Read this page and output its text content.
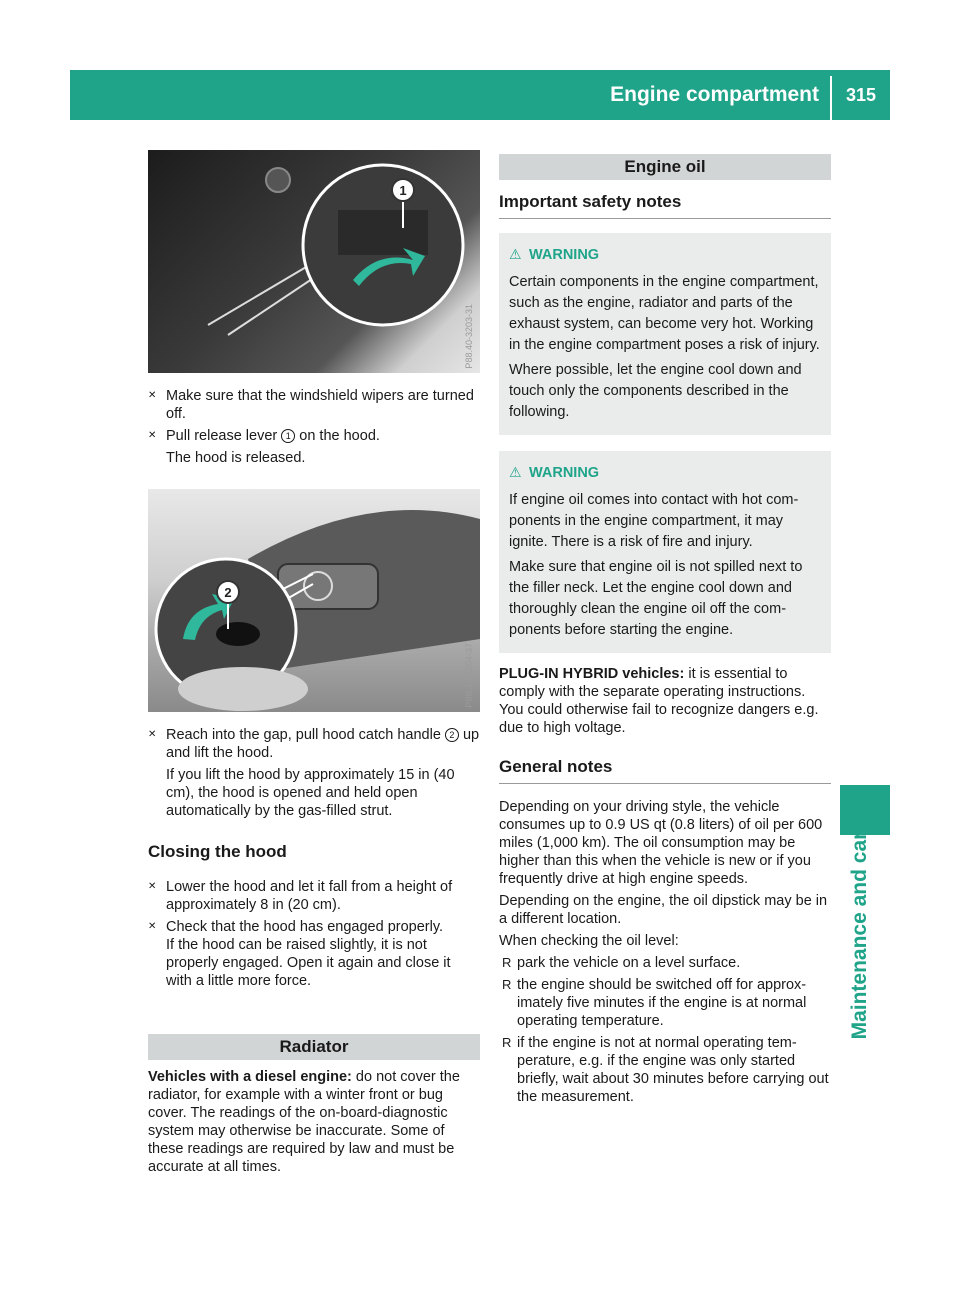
Engine compartment	315
Maintenance and care
1
P88.40-3203-31
✕ Make sure that the windshield wipers are turned off.
✕ Pull release lever 1 on the hood.
The hood is released.
2
P88.40-3204-37
✕ Reach into the gap, pull hood catch handle 2 up and lift the hood.
If you lift the hood by approximately 15 in (40 cm), the hood is opened and held open automatically by the gas-filled strut.
Closing the hood
✕ Lower the hood and let it fall from a height of approximately 8 in (20 cm).
✕ Check that the hood has engaged properly.
If the hood can be raised slightly, it is not properly engaged. Open it again and close it with a little more force.
Radiator
Vehicles with a diesel engine: do not cover the radiator, for example with a winter front or bug cover. The readings of the on-board-diagnostic system may otherwise be inaccurate. Some of these readings are required by law and must be accurate at all times.
Engine oil
Important safety notes
⚠ WARNING

Certain components in the engine compartment, such as the engine, radiator and parts of the exhaust system, can become very hot. Working in the engine compartment poses a risk of injury.

Where possible, let the engine cool down and touch only the components described in the following.

⚠ WARNING

If engine oil comes into contact with hot components in the engine compartment, it may ignite. There is a risk of fire and injury.

Make sure that engine oil is not spilled next to the filler neck. Let the engine cool down and thoroughly clean the engine oil off the components before starting the engine.

PLUG-IN HYBRID vehicles: it is essential to comply with the separate operating instructions. You could otherwise fail to recognize dangers e.g. due to high voltage.
General notes

Depending on your driving style, the vehicle consumes up to 0.9 US qt (0.8 liters) of oil per 600 miles (1,000 km). The oil consumption may be higher than this when the vehicle is new or if you frequently drive at high engine speeds.

Depending on the engine, the oil dipstick may be in a different location.

When checking the oil level:

R park the vehicle on a level surface.
R the engine should be switched off for approximately five minutes if the engine is at normal operating temperature.
R if the engine is not at normal operating temperature, e.g. if the engine was only started briefly, wait about 30 minutes before carrying out the measurement.
